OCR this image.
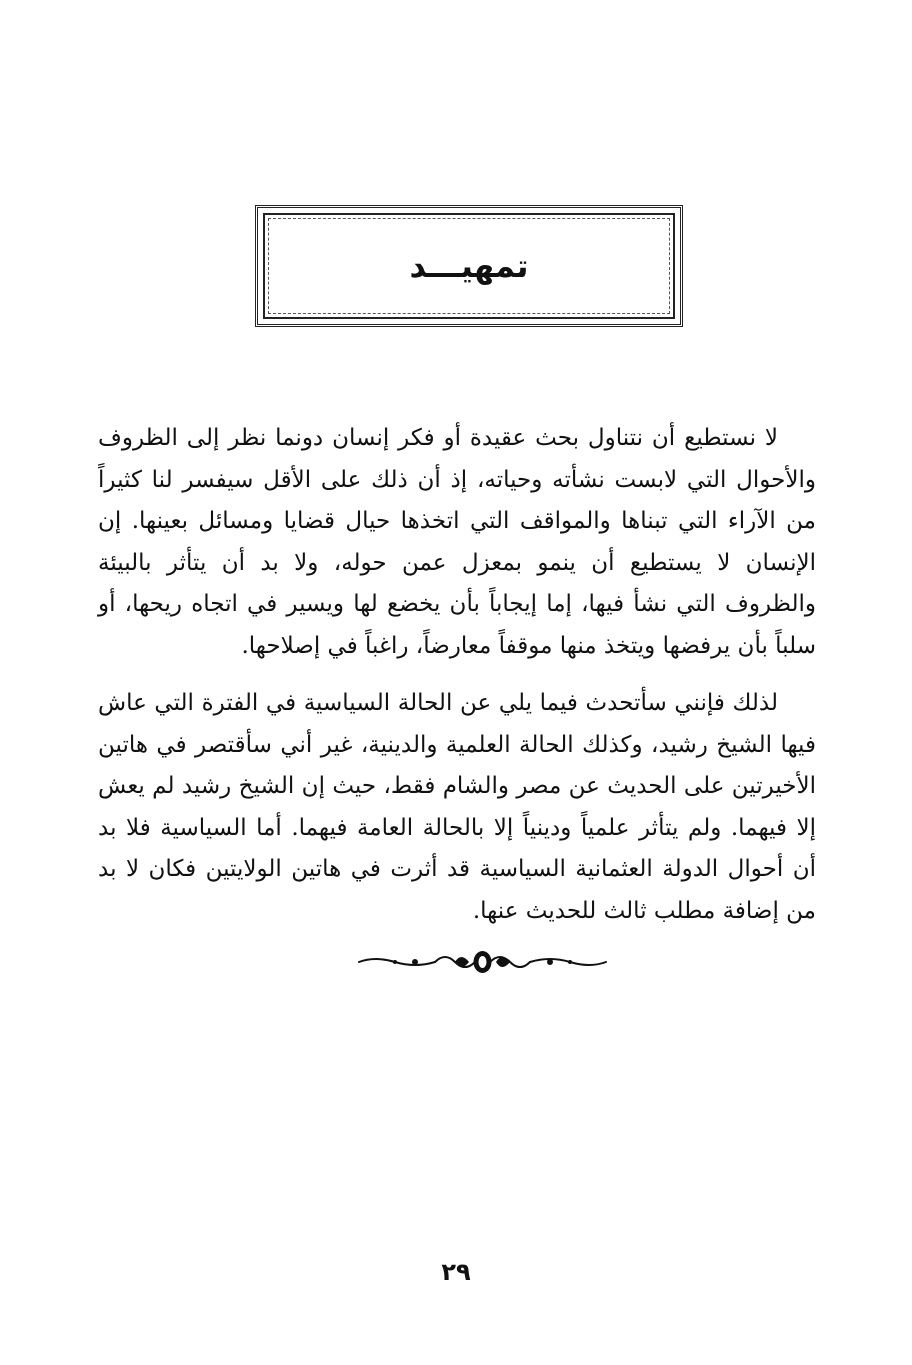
تمهيـــد

لا نستطيع أن نتناول بحث عقيدة أو فكر إنسان دونما نظر إلى الظروف والأحوال التي لابست نشأته وحياته، إذ أن ذلك على الأقل سيفسر لنا كثيراً من الآراء التي تبناها والمواقف التي اتخذها حيال قضايا ومسائل بعينها. إن الإنسان لا يستطيع أن ينمو بمعزل عمن حوله، ولا بد أن يتأثر بالبيئة والظروف التي نشأ فيها، إما إيجاباً بأن يخضع لها ويسير في اتجاه ريحها، أو سلباً بأن يرفضها ويتخذ منها موقفاً معارضاً، راغباً في إصلاحها.

لذلك فإنني سأتحدث فيما يلي عن الحالة السياسية في الفترة التي عاش فيها الشيخ رشيد، وكذلك الحالة العلمية والدينية، غير أني سأقتصر في هاتين الأخيرتين على الحديث عن مصر والشام فقط، حيث إن الشيخ رشيد لم يعش إلا فيهما. ولم يتأثر علمياً ودينياً إلا بالحالة العامة فيهما. أما السياسية فلا بد أن أحوال الدولة العثمانية السياسية قد أثرت في هاتين الولايتين فكان لا بد من إضافة مطلب ثالث للحديث عنها.

٢٩
